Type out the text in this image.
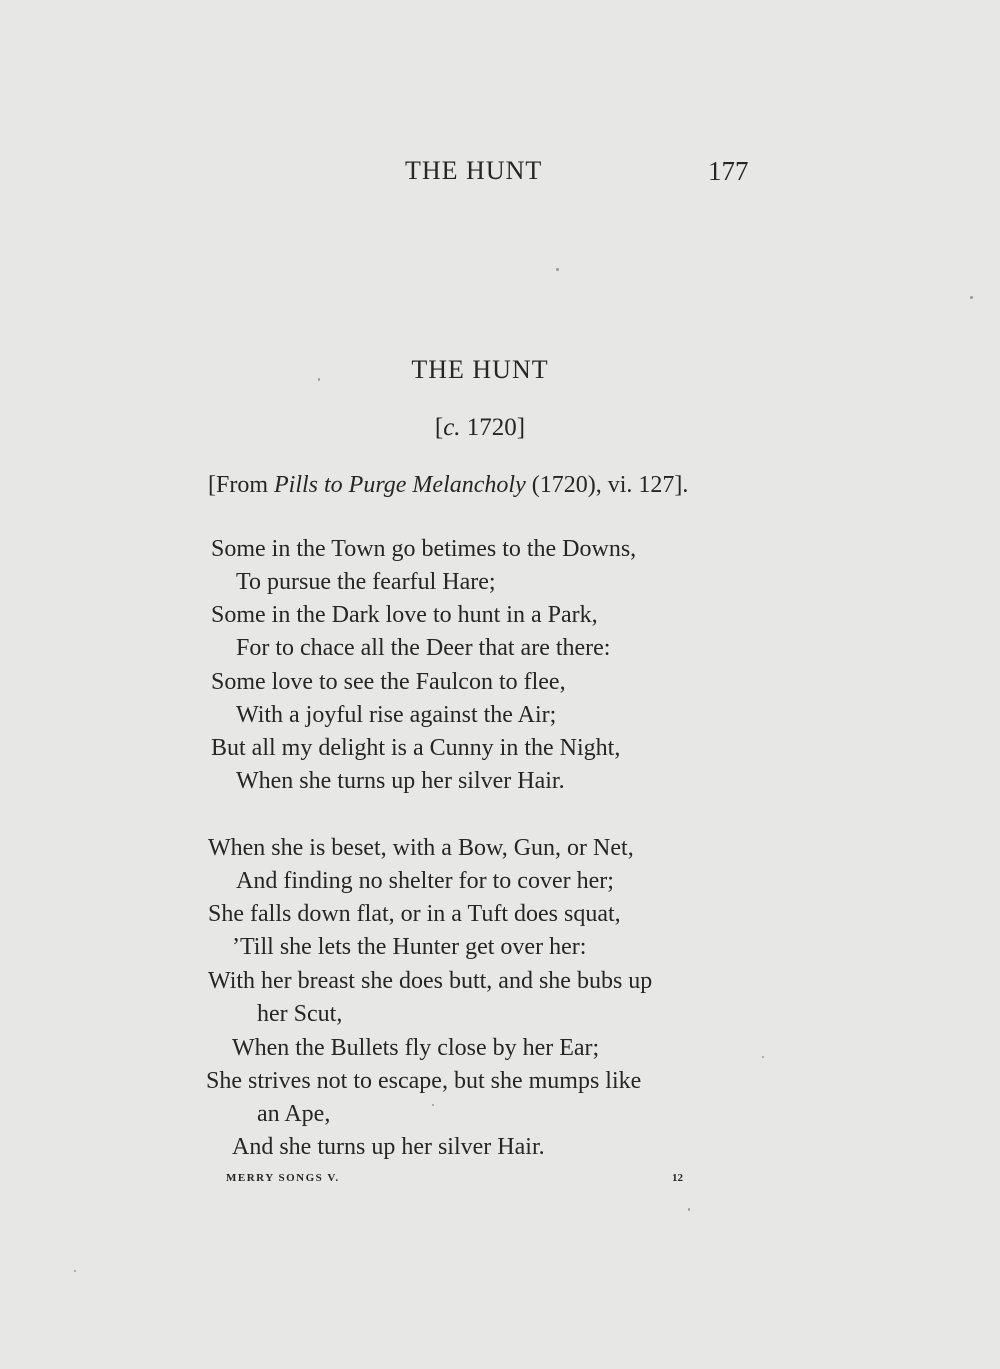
THE HUNT	177
THE HUNT
[c. 1720]
[From Pills to Purge Melancholy (1720), vi. 127].
Some in the Town go betimes to the Downs,
To pursue the fearful Hare;
Some in the Dark love to hunt in a Park,
For to chace all the Deer that are there:
Some love to see the Faulcon to flee,
With a joyful rise against the Air;
But all my delight is a Cunny in the Night,
When she turns up her silver Hair.
When she is beset, with a Bow, Gun, or Net,
And finding no shelter for to cover her;
She falls down flat, or in a Tuft does squat,
’Till she lets the Hunter get over her:
With her breast she does butt, and she bubs up
her Scut,
When the Bullets fly close by her Ear;
She strives not to escape, but she mumps like
an Ape,
And she turns up her silver Hair.
MERRY SONGS V.	12
